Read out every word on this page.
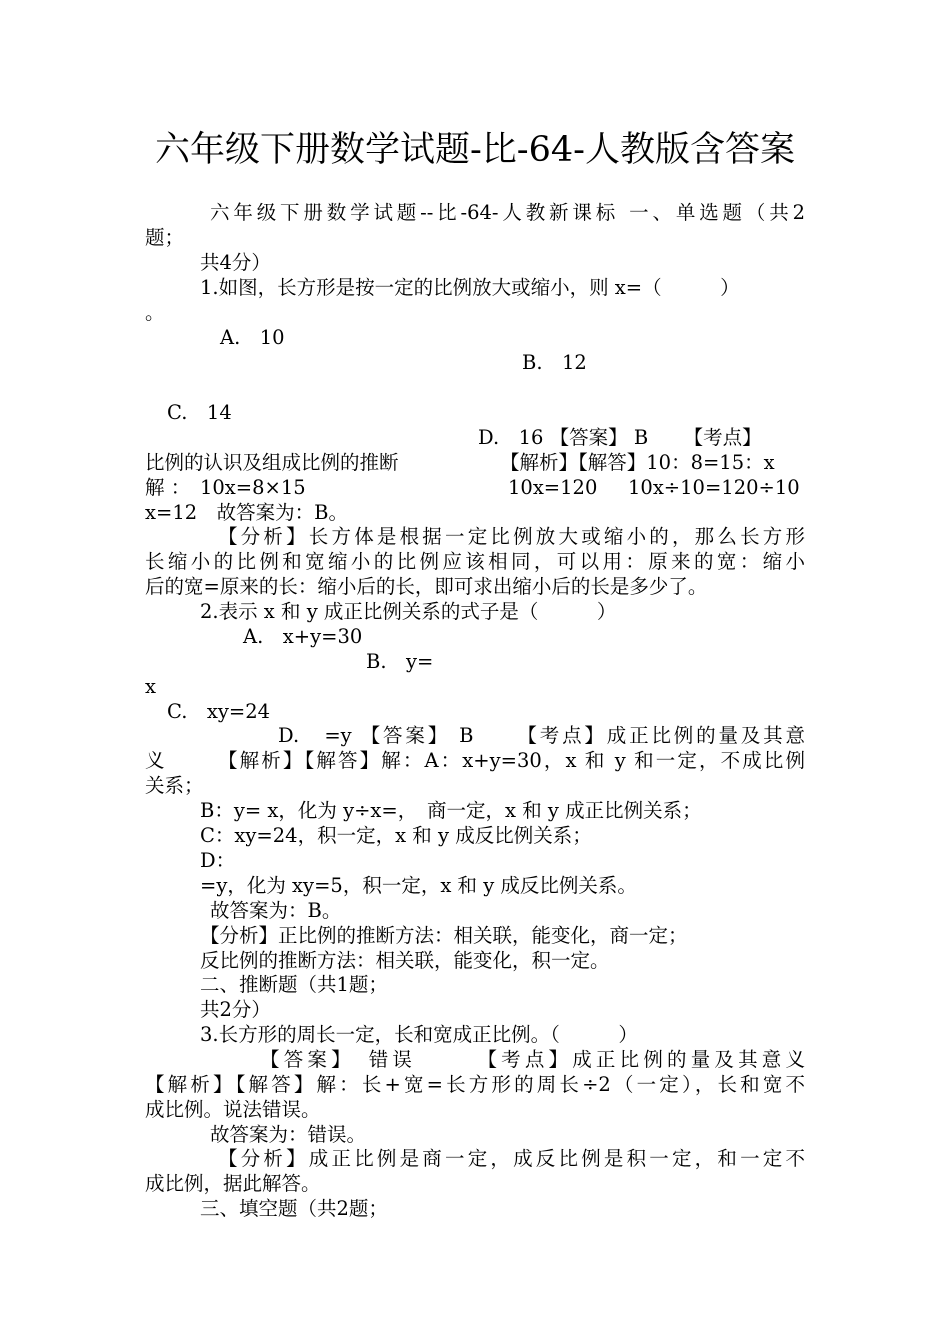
六年级下册数学试题-比-64-人教版含答案
六年级下册数学试题--比-64-人教新课标 一、单选题（共2
题；
共4分）
1.如图，长方形是按一定的比例放大或缩小，则 x=（　　　）
。
A.　10
B.　12
C.　14
D.　16 【答案】 B 　　【考点】
比例的认识及组成比例的推断	【解析】【解答】10：8=15：x
解 ：　10x=8×15	10x=120 10x÷10=120÷10
x=12　故答案为：B。
【分析】长方体是根据一定比例放大或缩小的，那么长方形
长缩小的比例和宽缩小的比例应该相同，可以用：原来的宽：缩小
后的宽=原来的长：缩小后的长，即可求出缩小后的长是多少了。
2.表示 x 和 y 成正比例关系的式子是（　　　）
A.　x+y=30
B.　y=
x
C.　xy=24
D.　=y 【答案】 B 　　【考点】成正比例的量及其意
义	【解析】【解答】解：A：x+y=30，x 和 y 和一定，不成比例
关系；
B：y= x，化为 y÷x=，　商一定，x 和 y 成正比例关系；
C：xy=24，积一定，x 和 y 成反比例关系；
D：
=y，化为 xy=5，积一定，x 和 y 成反比例关系。
故答案为：B。
【分析】正比例的推断方法：相关联，能变化，商一定；
反比例的推断方法：相关联，能变化，积一定。
二、推断题（共1题；
共2分）
3.长方形的周长一定，长和宽成正比例。（　　　）
【答案】　错误　　　【考点】成正比例的量及其意义
【解析】【解答】解：长+宽=长方形的周长÷2（一定），长和宽不
成比例。说法错误。
故答案为：错误。
【分析】成正比例是商一定，成反比例是积一定，和一定不
成比例，据此解答。
三、填空题（共2题；
